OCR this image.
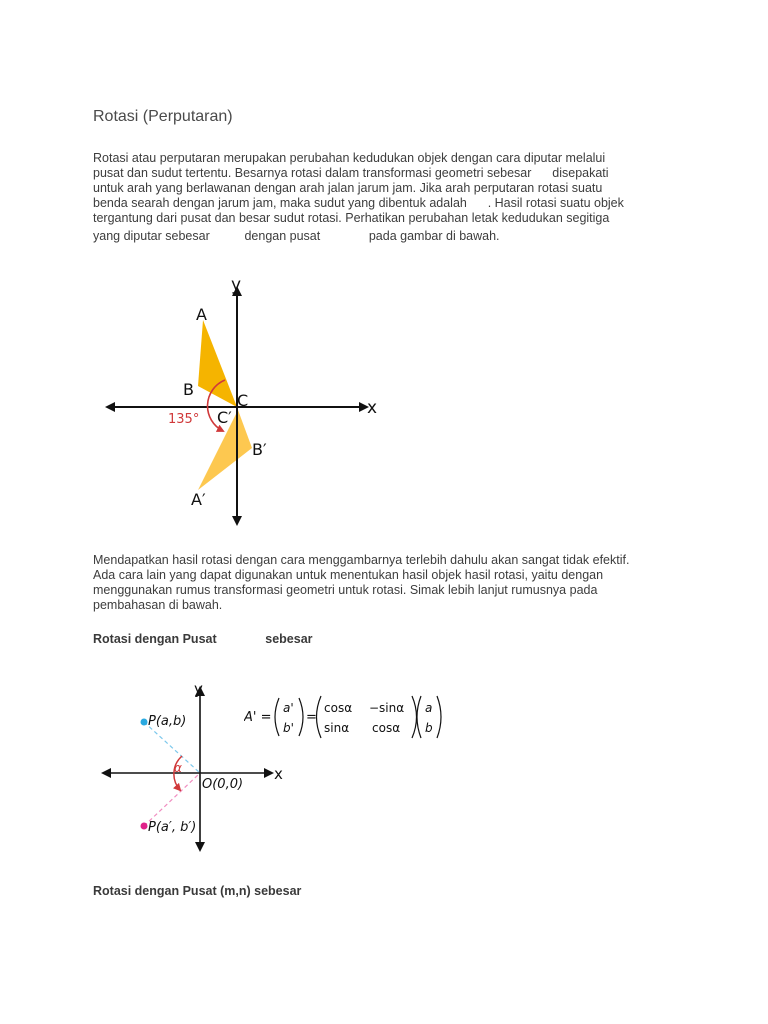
Rotasi (Perputaran)
Rotasi atau perputaran merupakan perubahan kedudukan objek dengan cara diputar melalui
pusat dan sudut tertentu. Besarnya rotasi dalam transformasi geometri sebesar      disepakati
untuk arah yang berlawanan dengan arah jalan jarum jam. Jika arah perputaran rotasi suatu
benda searah dengan jarum jam, maka sudut yang dibentuk adalah      . Hasil rotasi suatu objek
tergantung dari pusat dan besar sudut rotasi. Perhatikan perubahan letak kedudukan segitiga
yang diputar sebesar          dengan pusat              pada gambar di bawah.
y
x
A
B
C
C′
B′
A′
135°
Mendapatkan hasil rotasi dengan cara menggambarnya terlebih dahulu akan sangat tidak efektif.
Ada cara lain yang dapat digunakan untuk menentukan hasil objek hasil rotasi, yaitu dengan
menggunakan rumus transformasi geometri untuk rotasi. Simak lebih lanjut rumusnya pada
pembahasan di bawah.
Rotasi dengan Pusat              sebesar
y
x
P(a,b)
O(0,0)
P(a′, b′)
α
A' =
a'
b'
=
cosα −sinα
sinα cosα
a
b
Rotasi dengan Pusat (m,n) sebesar
